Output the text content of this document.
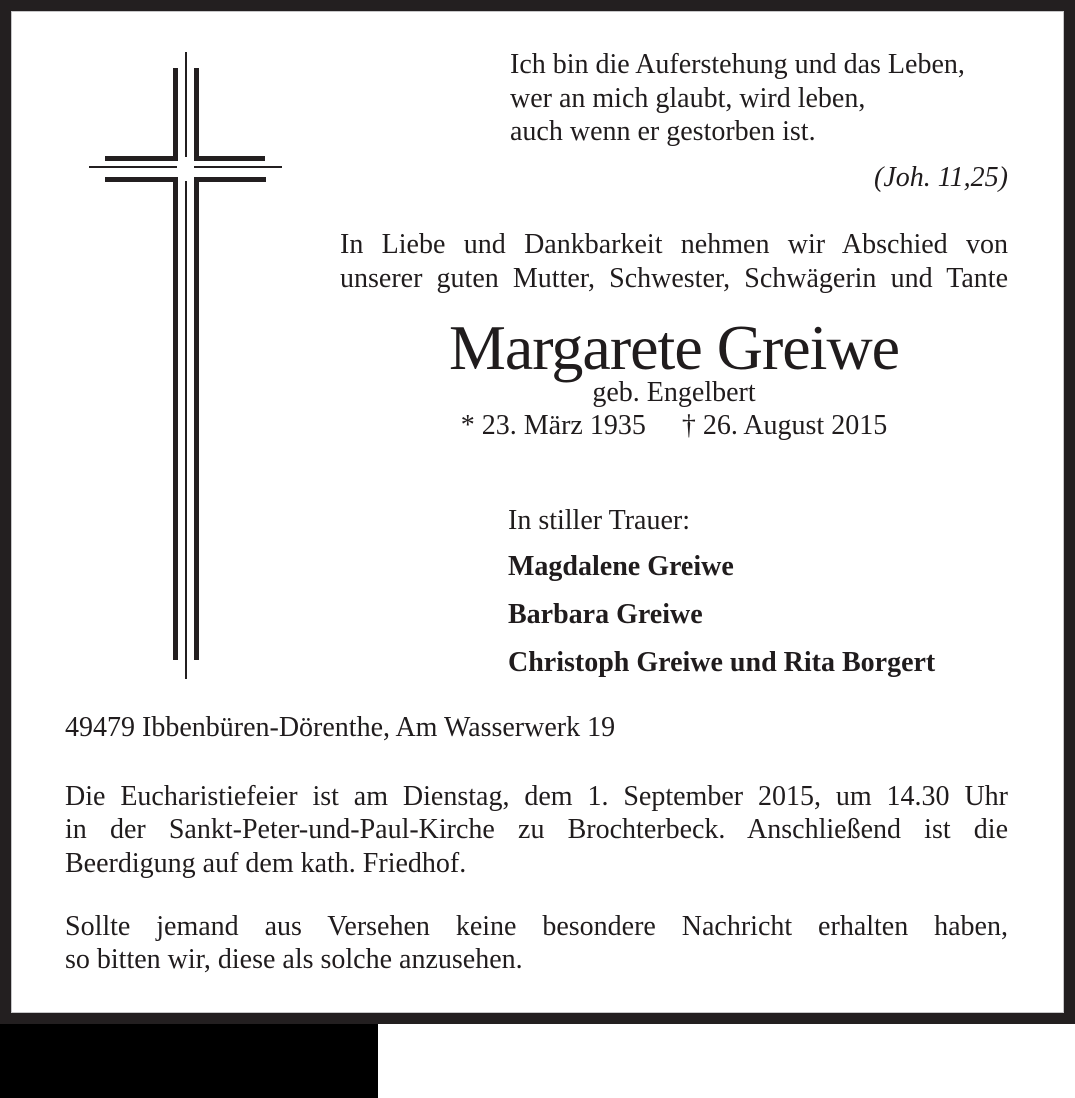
Ich bin die Auferstehung und das Leben,
wer an mich glaubt, wird leben,
auch wenn er gestorben ist.
(Joh. 11,25)
In Liebe und Dankbarkeit nehmen wir Abschied von
unserer guten Mutter, Schwester, Schwägerin und Tante
Margarete Greiwe
geb. Engelbert
* 23. März 1935 † 26. August 2015
In stiller Trauer:
Magdalene Greiwe
Barbara Greiwe
Christoph Greiwe und Rita Borgert
49479 Ibbenbüren-Dörenthe, Am Wasserwerk 19
Die Eucharistiefeier ist am Dienstag, dem 1. September 2015, um 14.30 Uhr
in der Sankt-Peter-und-Paul-Kirche zu Brochterbeck. Anschließend ist die
Beerdigung auf dem kath. Friedhof.
Sollte jemand aus Versehen keine besondere Nachricht erhalten haben,
so bitten wir, diese als solche anzusehen.
